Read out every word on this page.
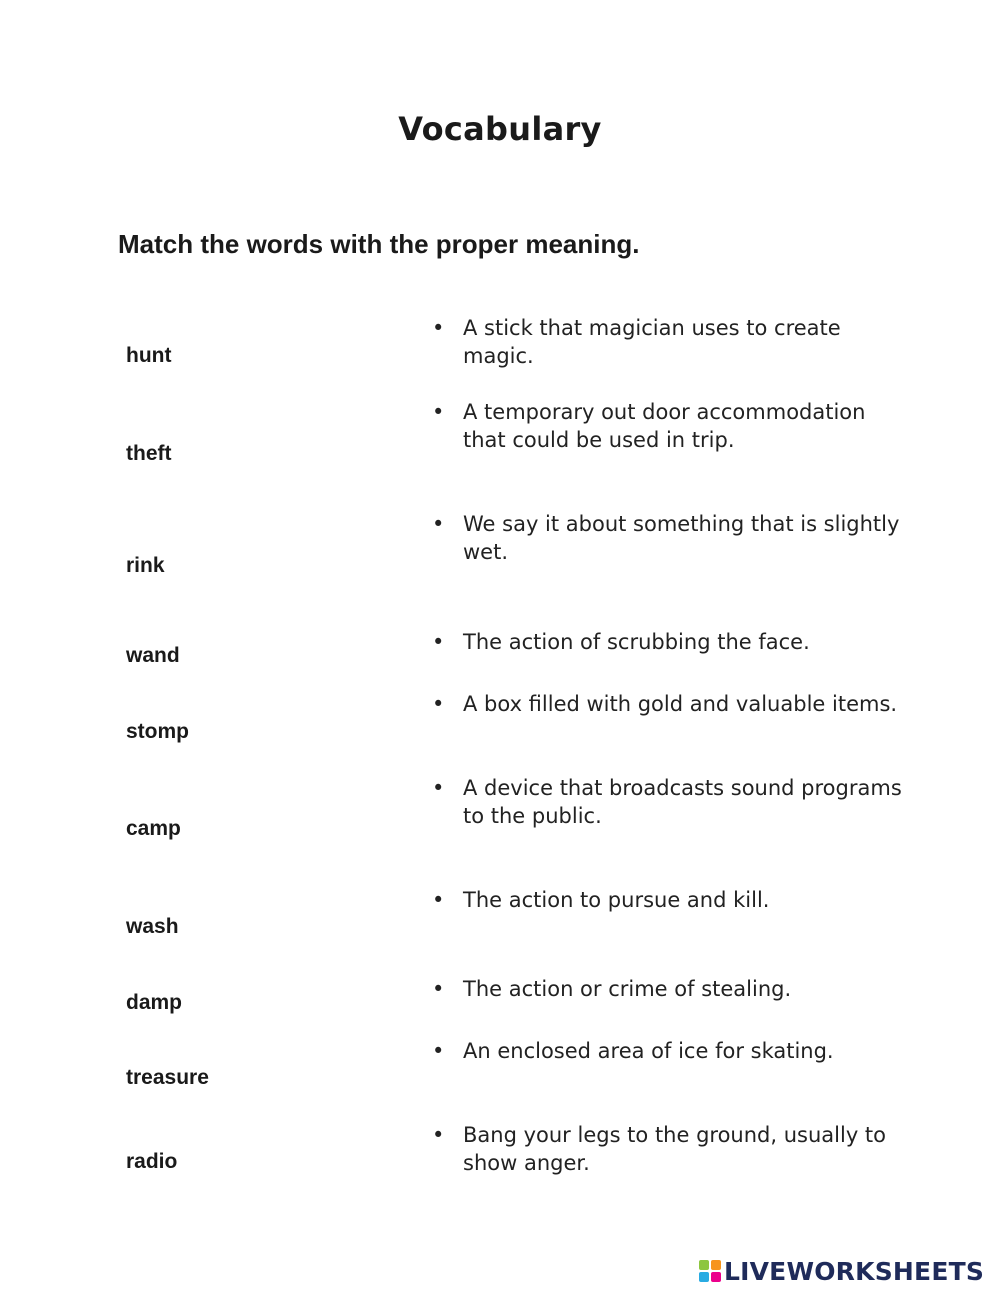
Vocabulary
Match the words with the proper meaning.
hunt
theft
rink
wand
stomp
camp
wash
damp
treasure
radio
• A stick that magician uses to create magic.
• A temporary out door accommodation that could be used in trip.
• We say it about something that is slightly wet.
• The action of scrubbing the face.
• A box filled with gold and valuable items.
• A device that broadcasts sound programs to the public.
• The action to pursue and kill.
• The action or crime of stealing.
• An enclosed area of ice for skating.
• Bang your legs to the ground, usually to show anger.
LIVEWORKSHEETS
